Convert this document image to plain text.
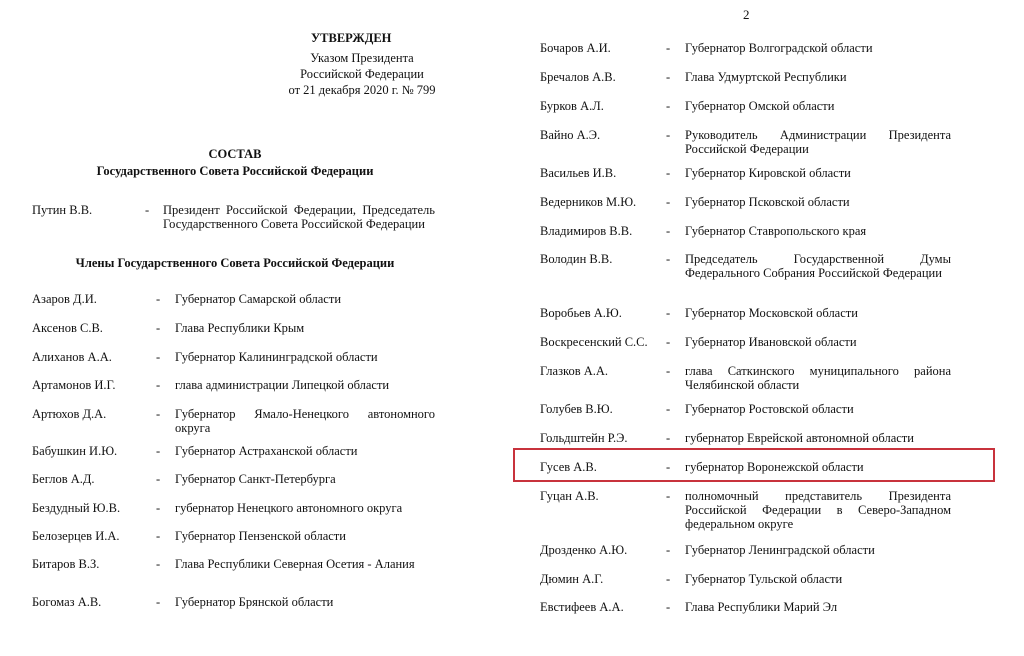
УТВЕРЖДЕН
Указом Президента
Российской Федерации
от 21 декабря 2020 г. № 799
СОСТАВ
Государственного Совета Российской Федерации
Путин В.В.	- Президент Российской Федерации, Председатель Государственного Совета Российской Федерации
Члены Государственного Совета Российской Федерации
Азаров Д.И.	- Губернатор Самарской области
Аксенов С.В.	- Глава Республики Крым
Алиханов А.А.	- Губернатор Калининградской области
Артамонов И.Г.	- глава администрации Липецкой области
Артюхов Д.А.	- Губернатор Ямало-Ненецкого автономного округа
Бабушкин И.Ю.	- Губернатор Астраханской области
Беглов А.Д.	- Губернатор Санкт-Петербурга
Бездудный Ю.В.	- губернатор Ненецкого автономного округа
Белозерцев И.А.	- Губернатор Пензенской области
Битаров В.З.	- Глава Республики Северная Осетия - Алания
Богомаз А.В.	- Губернатор Брянской области
2
Бочаров А.И.	- Губернатор Волгоградской области
Бречалов А.В.	- Глава Удмуртской Республики
Бурков А.Л.	- Губернатор Омской области
Вайно А.Э.	- Руководитель Администрации Президента Российской Федерации
Васильев И.В.	- Губернатор Кировской области
Ведерников М.Ю. - Губернатор Псковской области
Владимиров В.В.	- Губернатор Ставропольского края
Володин В.В.	- Председатель Государственной Думы Федерального Собрания Российской Федерации
Воробьев А.Ю.	- Губернатор Московской области
Воскресенский С.С. - Губернатор Ивановской области
Глазков А.А.	- глава Саткинского муниципального района Челябинской области
Голубев В.Ю.	- Губернатор Ростовской области
Гольдштейн Р.Э.	- губернатор Еврейской автономной области
Гусев А.В.	- губернатор Воронежской области
Гуцан А.В.	- полномочный представитель Президента Российской Федерации в Северо-Западном федеральном округе
Дрозденко А.Ю.	- Губернатор Ленинградской области
Дюмин А.Г.	- Губернатор Тульской области
Евстифеев А.А.	- Глава Республики Марий Эл
